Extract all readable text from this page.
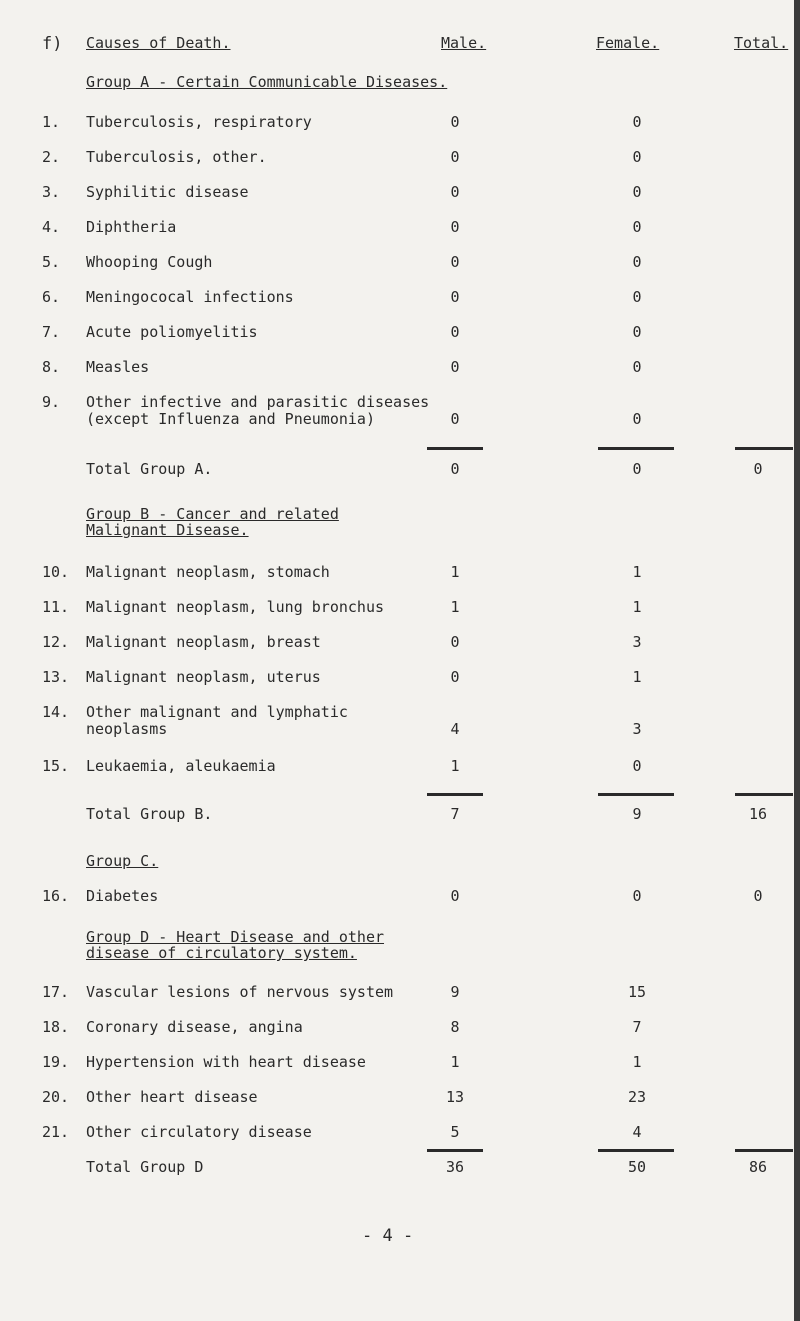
f) Causes of Death.	Male.	Female.	Total.
Group A - Certain Communicable Diseases.
1. Tuberculosis, respiratory	0	0
2. Tuberculosis, other.	0	0
3. Syphilitic disease	0	0
4. Diphtheria	0	0
5. Whooping Cough	0	0
6. Meningococal infections	0	0
7. Acute poliomyelitis	0	0
8. Measles	0	0
9. Other infective and parasitic diseases
(except Influenza and Pneumonia)	0	0
Total Group A.	0	0	0
Group B - Cancer and related
Malignant Disease.
10. Malignant neoplasm, stomach	1	1
11. Malignant neoplasm, lung bronchus	1	1
12. Malignant neoplasm, breast	0	3
13. Malignant neoplasm, uterus	0	1
14. Other malignant and lymphatic
neoplasms	4	3
15. Leukaemia, aleukaemia	1	0
Total Group B.	7	9	16
Group C.
16. Diabetes	0	0	0
Group D - Heart Disease and other
disease of circulatory system.
17. Vascular lesions of nervous system	9	15
18. Coronary disease, angina	8	7
19. Hypertension with heart disease	1	1
20. Other heart disease	13	23
21. Other circulatory disease	5	4
Total Group D	36	50	86
- 4 -
